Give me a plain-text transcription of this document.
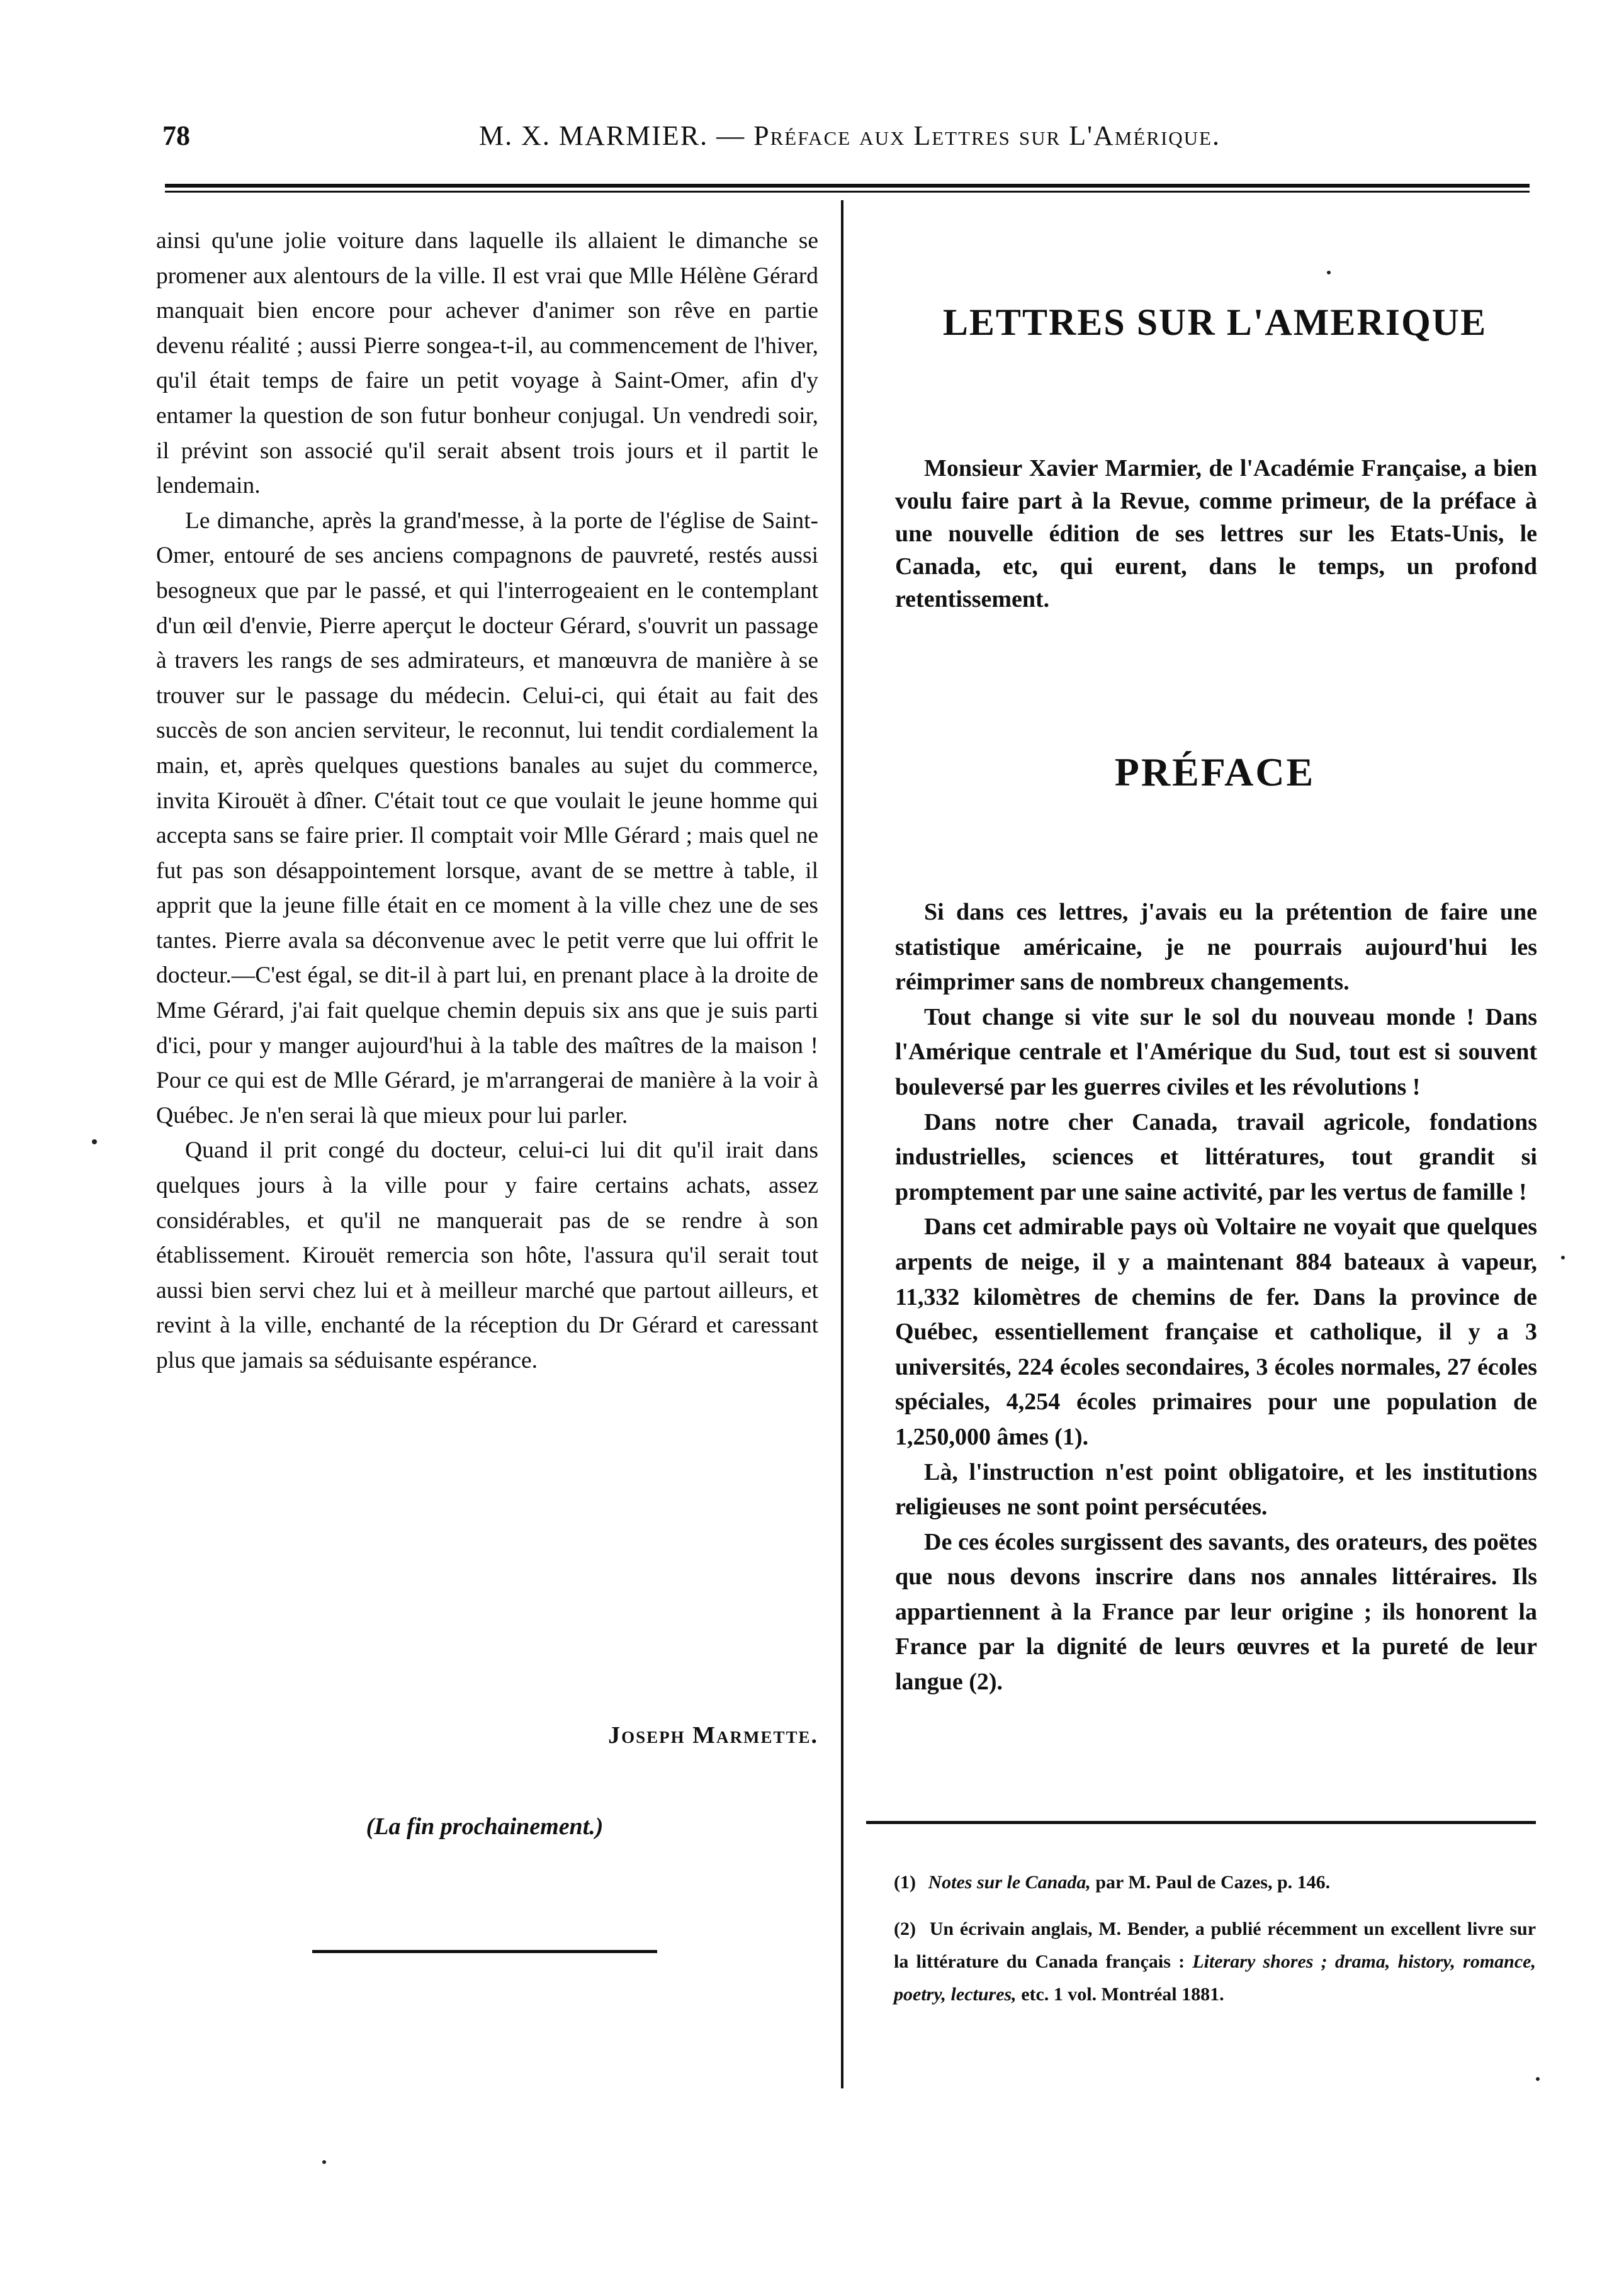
78	M. X. MARMIER. — Préface aux Lettres sur L'Amérique.

ainsi qu'une jolie voiture dans laquelle ils allaient le dimanche se promener aux alentours de la ville. Il est vrai que Mlle Hélène Gérard manquait bien encore pour achever d'animer son rêve en partie devenu réalité ; aussi Pierre songea-t-il, au commencement de l'hiver, qu'il était temps de faire un petit voyage à Saint-Omer, afin d'y entamer la question de son futur bonheur conjugal. Un vendredi soir, il prévint son associé qu'il serait absent trois jours et il partit le lendemain.

Le dimanche, après la grand'messe, à la porte de l'église de Saint-Omer, entouré de ses anciens compagnons de pauvreté, restés aussi besogneux que par le passé, et qui l'interrogeaient en le contemplant d'un œil d'envie, Pierre aperçut le docteur Gérard, s'ouvrit un passage à travers les rangs de ses admirateurs, et manœuvra de manière à se trouver sur le passage du médecin. Celui-ci, qui était au fait des succès de son ancien serviteur, le reconnut, lui tendit cordialement la main, et, après quelques questions banales au sujet du commerce, invita Kirouët à dîner. C'était tout ce que voulait le jeune homme qui accepta sans se faire prier. Il comptait voir Mlle Gérard ; mais quel ne fut pas son désappointement lorsque, avant de se mettre à table, il apprit que la jeune fille était en ce moment à la ville chez une de ses tantes. Pierre avala sa déconvenue avec le petit verre que lui offrit le docteur.—C'est égal, se dit-il à part lui, en prenant place à la droite de Mme Gérard, j'ai fait quelque chemin depuis six ans que je suis parti d'ici, pour y manger aujourd'hui à la table des maîtres de la maison ! Pour ce qui est de Mlle Gérard, je m'arrangerai de manière à la voir à Québec. Je n'en serai là que mieux pour lui parler.

Quand il prit congé du docteur, celui-ci lui dit qu'il irait dans quelques jours à la ville pour y faire certains achats, assez considérables, et qu'il ne manquerait pas de se rendre à son établissement. Kirouët remercia son hôte, l'assura qu'il serait tout aussi bien servi chez lui et à meilleur marché que partout ailleurs, et revint à la ville, enchanté de la réception du Dr Gérard et caressant plus que jamais sa séduisante espérance.

Joseph Marmette.
(La fin prochainement.)
LETTRES SUR L'AMERIQUE

Monsieur Xavier Marmier, de l'Académie Française, a bien voulu faire part à la Revue, comme primeur, de la préface à une nouvelle édition de ses lettres sur les Etats-Unis, le Canada, etc, qui eurent, dans le temps, un profond retentissement.

PRÉFACE

Si dans ces lettres, j'avais eu la prétention de faire une statistique américaine, je ne pourrais aujourd'hui les réimprimer sans de nombreux changements.

Tout change si vite sur le sol du nouveau monde ! Dans l'Amérique centrale et l'Amérique du Sud, tout est si souvent bouleversé par les guerres civiles et les révolutions !

Dans notre cher Canada, travail agricole, fondations industrielles, sciences et littératures, tout grandit si promptement par une saine activité, par les vertus de famille !

Dans cet admirable pays où Voltaire ne voyait que quelques arpents de neige, il y a maintenant 884 bateaux à vapeur, 11,332 kilomètres de chemins de fer. Dans la province de Québec, essentiellement française et catholique, il y a 3 universités, 224 écoles secondaires, 3 écoles normales, 27 écoles spéciales, 4,254 écoles primaires pour une population de 1,250,000 âmes (1).

Là, l'instruction n'est point obligatoire, et les institutions religieuses ne sont point persécutées.

De ces écoles surgissent des savants, des orateurs, des poëtes que nous devons inscrire dans nos annales littéraires. Ils appartiennent à la France par leur origine ; ils honorent la France par la dignité de leurs œuvres et la pureté de leur langue (2).

(1) Notes sur le Canada, par M. Paul de Cazes, p. 146.

(2) Un écrivain anglais, M. Bender, a publié récemment un excellent livre sur la littérature du Canada français : Literary shores ; drama, history, romance, poetry, lectures, etc. 1 vol. Montréal 1881.
